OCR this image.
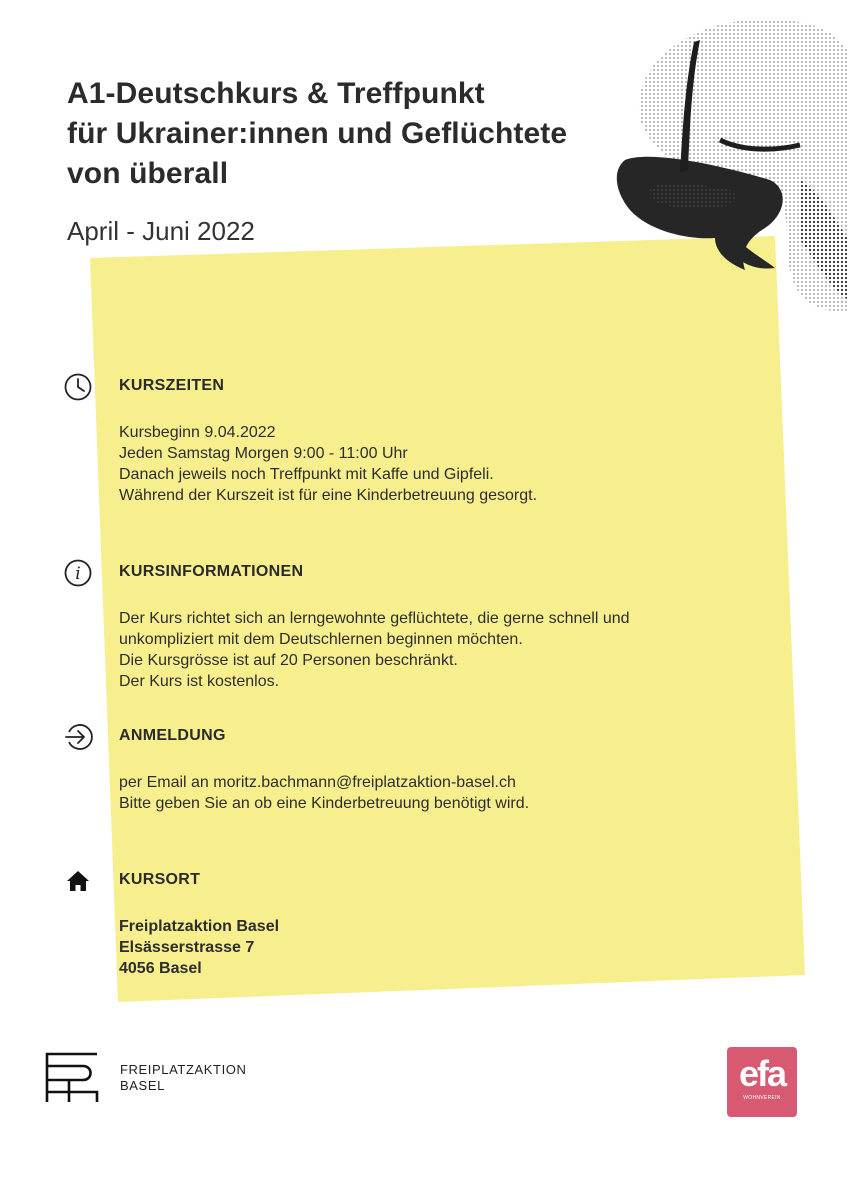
A1-Deutschkurs & Treffpunkt
für Ukrainer:innen und Geflüchtete
von überall
April - Juni 2022
KURSZEITEN
Kursbeginn 9.04.2022
Jeden Samstag Morgen 9:00 - 11:00 Uhr
Danach jeweils noch Treffpunkt mit Kaffe und Gipfeli.
Während der Kurszeit ist für eine Kinderbetreuung gesorgt.
i KURSINFORMATIONEN
Der Kurs richtet sich an lerngewohnte geflüchtete, die gerne schnell und
unkompliziert mit dem Deutschlernen beginnen möchten.
Die Kursgrösse ist auf 20 Personen beschränkt.
Der Kurs ist kostenlos.
ANMELDUNG
per Email an moritz.bachmann@freiplatzaktion-basel.ch
Bitte geben Sie an ob eine Kinderbetreuung benötigt wird.
KURSORT
Freiplatzaktion Basel
Elsässerstrasse 7
4056 Basel
FREIPLATZAKTION
BASEL	efa
WOHNVEREIN
